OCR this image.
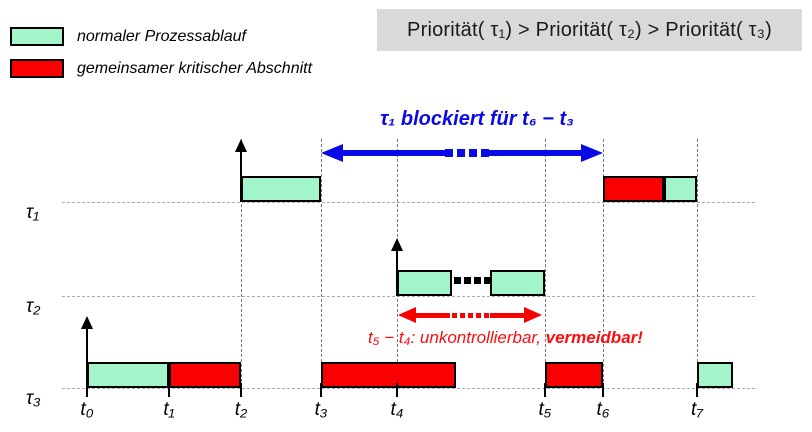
normaler Prozessablauf
gemeinsamer kritischer Abschnitt
Priorität( τ₁) > Priorität( τ₂) > Priorität( τ₃)
τ₁ blockiert für t₆ − t₃
t₅ − t₄: unkontrollierbar, vermeidbar!
τ₁
τ₂
τ₃
t₀	t₁	t₂	t₃	t₄	t₅	t₆	t₇
